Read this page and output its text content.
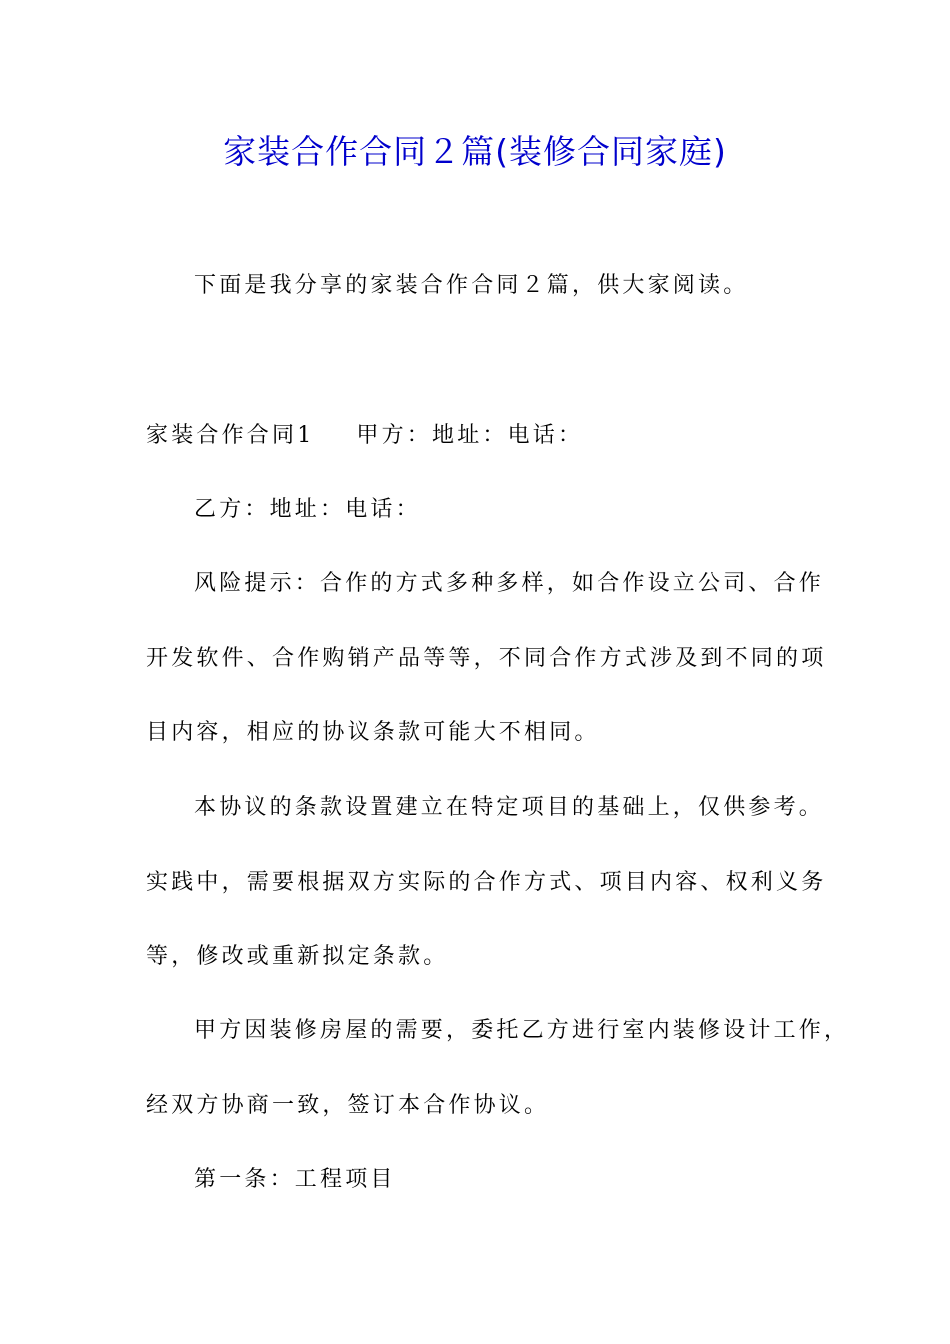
家装合作合同２篇(装修合同家庭)
下面是我分享的家装合作合同２篇，供大家阅读。
家装合作合同1 甲方：地址：电话：
乙方：地址：电话：
风险提示：合作的方式多种多样，如合作设立公司、合作
开发软件、合作购销产品等等，不同合作方式涉及到不同的项
目内容，相应的协议条款可能大不相同。
本协议的条款设置建立在特定项目的基础上，仅供参考。
实践中，需要根据双方实际的合作方式、项目内容、权利义务
等，修改或重新拟定条款。
甲方因装修房屋的需要，委托乙方进行室内装修设计工作，
经双方协商一致，签订本合作协议。
第一条：工程项目
